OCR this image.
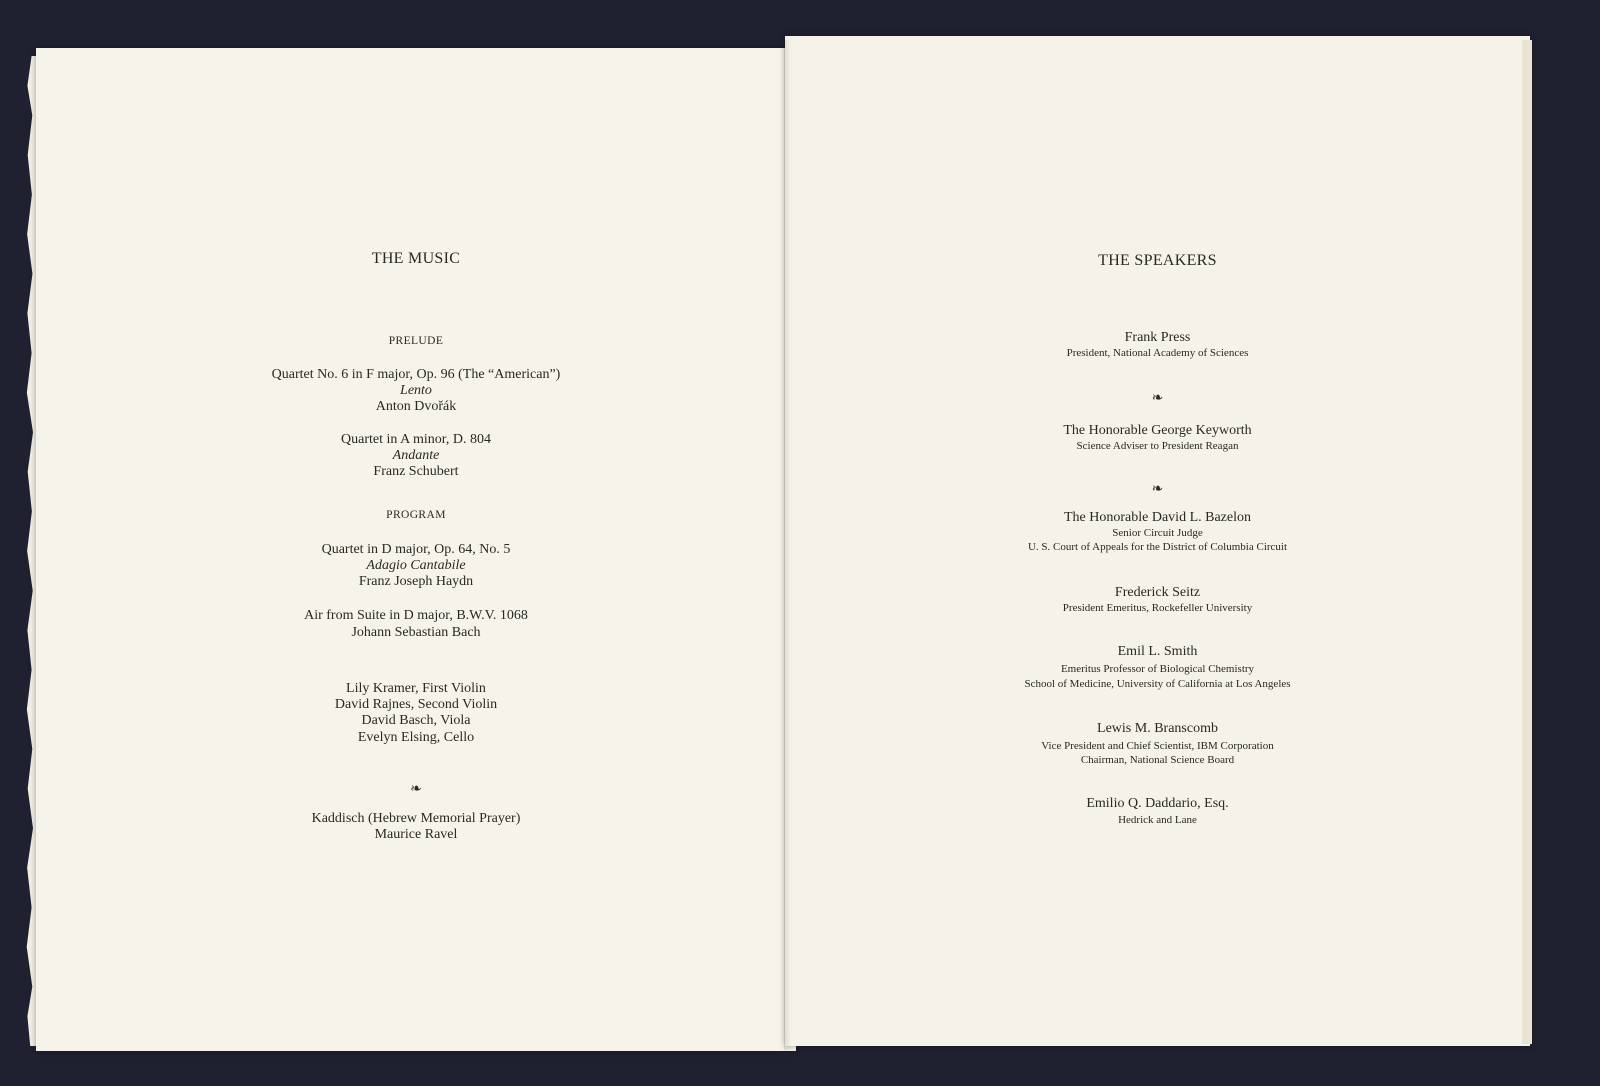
THE MUSIC
PRELUDE
Quartet No. 6 in F major, Op. 96 (The “American”)
Lento
Anton Dvořák
Quartet in A minor, D. 804
Andante
Franz Schubert
PROGRAM
Quartet in D major, Op. 64, No. 5
Adagio Cantabile
Franz Joseph Haydn
Air from Suite in D major, B.W.V. 1068
Johann Sebastian Bach
Lily Kramer, First Violin
David Rajnes, Second Violin
David Basch, Viola
Evelyn Elsing, Cello
❧
Kaddisch (Hebrew Memorial Prayer)
Maurice Ravel
THE SPEAKERS
Frank Press
President, National Academy of Sciences
❧
The Honorable George Keyworth
Science Adviser to President Reagan
❧
The Honorable David L. Bazelon
Senior Circuit Judge
U. S. Court of Appeals for the District of Columbia Circuit
Frederick Seitz
President Emeritus, Rockefeller University
Emil L. Smith
Emeritus Professor of Biological Chemistry
School of Medicine, University of California at Los Angeles
Lewis M. Branscomb
Vice President and Chief Scientist, IBM Corporation
Chairman, National Science Board
Emilio Q. Daddario, Esq.
Hedrick and Lane
